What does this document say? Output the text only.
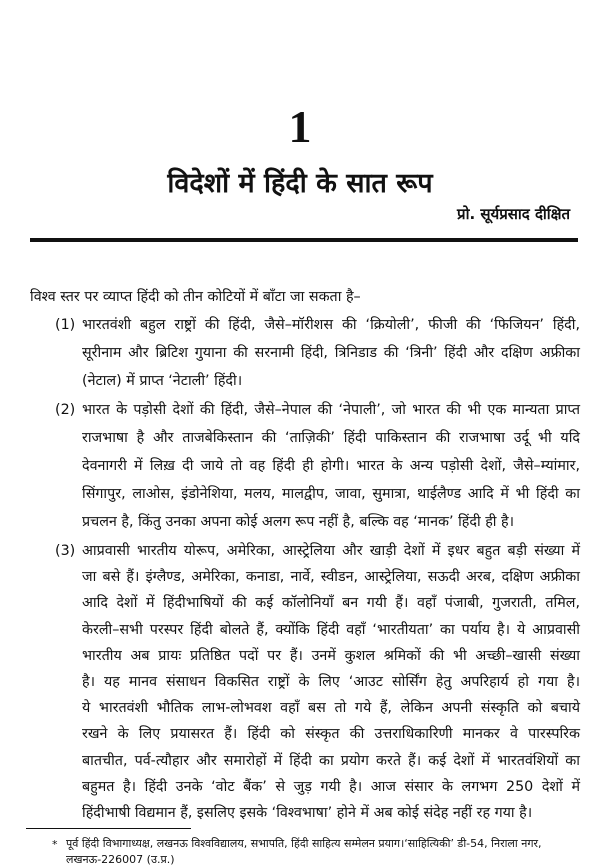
1
विदेशों में हिंदी के सात रूप
प्रो. सूर्यप्रसाद दीक्षित
विश्व स्तर पर व्याप्त हिंदी को तीन कोटियों में बाँटा जा सकता है–
(1) भारतवंशी बहुल राष्ट्रों की हिंदी, जैसे–मॉरीशस की ‘क्रियोली’, फीजी की ‘फिजियन’ हिंदी,
सूरीनाम और ब्रिटिश गुयाना की सरनामी हिंदी, त्रिनिडाड की ‘त्रिनी’ हिंदी और दक्षिण अफ्रीका
(नेटाल) में प्राप्त ‘नेटाली’ हिंदी।
(2) भारत के पड़ोसी देशों की हिंदी, जैसे–नेपाल की ‘नेपाली’, जो भारत की भी एक मान्यता प्राप्त
राजभाषा है और ताजबेकिस्तान की ‘ताज़िकी’ हिंदी पाकिस्तान की राजभाषा उर्दू भी यदि
देवनागरी में लिख़ दी जाये तो वह हिंदी ही होगी। भारत के अन्य पड़ोसी देशों, जैसे–म्यांमार,
सिंगापुर, लाओस, इंडोनेशिया, मलय, मालद्वीप, जावा, सुमात्रा, थाईलैण्ड आदि में भी हिंदी का
प्रचलन है, किंतु उनका अपना कोई अलग रूप नहीं है, बल्कि वह ‘मानक’ हिंदी ही है।
(3) आप्रवासी भारतीय योरूप, अमेरिका, आस्ट्रेलिया और खाड़ी देशों में इधर बहुत बड़ी संख्या में
जा बसे हैं। इंग्लैण्ड, अमेरिका, कनाडा, नार्वे, स्वीडन, आस्ट्रेलिया, सऊदी अरब, दक्षिण अफ्रीका
आदि देशों में हिंदीभाषियों की कई कॉलोनियाँ बन गयी हैं। वहाँ पंजाबी, गुजराती, तमिल,
केरली–सभी परस्पर हिंदी बोलते हैं, क्योंकि हिंदी वहाँ ‘भारतीयता’ का पर्याय है। ये आप्रवासी
भारतीय अब प्रायः प्रतिष्ठित पदों पर हैं। उनमें कुशल श्रमिकों की भी अच्छी–खासी संख्या
है। यह मानव संसाधन विकसित राष्ट्रों के लिए ‘आउट सोर्सिंग हेतु अपरिहार्य हो गया है।
ये भारतवंशी भौतिक लाभ-लोभवश वहाँ बस तो गये हैं, लेकिन अपनी संस्कृति को बचाये
रखने के लिए प्रयासरत हैं। हिंदी को संस्कृत की उत्तराधिकारिणी मानकर वे पारस्परिक
बातचीत, पर्व-त्यौहार और समारोहों में हिंदी का प्रयोग करते हैं। कई देशों में भारतवंशियों का
बहुमत है। हिंदी उनके ‘वोट बैंक’ से जुड़ गयी है। आज संसार के लगभग 250 देशों में
हिंदीभाषी विद्यमान हैं, इसलिए इसके ‘विश्वभाषा’ होने में अब कोई संदेह नहीं रह गया है।
* पूर्व हिंदी विभागाध्यक्ष, लखनऊ विश्वविद्यालय, सभापति, हिंदी साहित्य सम्मेलन प्रयाग।‘साहित्यिकी’ डी-54, निराला नगर,
लखनऊ-226007 (उ.प्र.)
